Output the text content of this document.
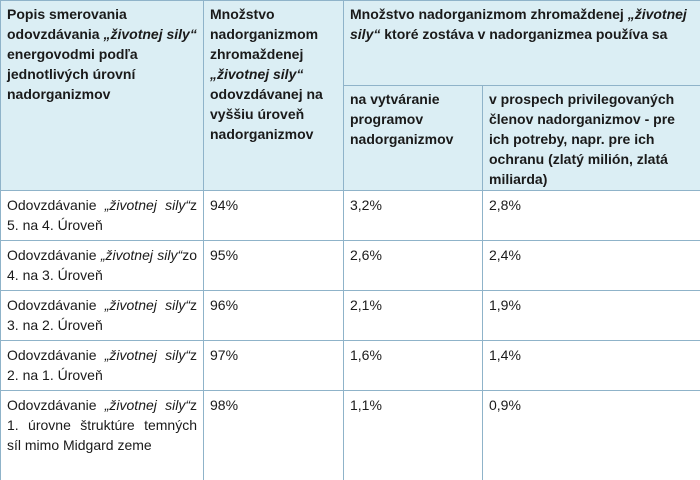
Popis smerovania odovzdávania „životnej sily“ energovodmi podľa jednotlivých úrovní nadorganizmov	Množstvo nadorganizmom zhromaždenej „životnej sily“ odovzdávanej na vyššiu úroveň nadorganizmov	Množstvo nadorganizmom zhromaždenej „životnej sily“ ktoré zostáva v nadorganizmea používa sa	
		na vytváranie programov nadorganizmov	v prospech privilegovaných členov nadorganizmov - pre ich potreby, napr. pre ich ochranu (zlatý milión, zlatá miliarda)
Odovzdávanie „životnej sily“z 5. na 4. Úroveň	94%	3,2%	2,8%
Odovzdávanie „životnej sily“zo 4. na 3. Úroveň	95%	2,6%	2,4%
Odovzdávanie „životnej sily“z 3. na 2. Úroveň	96%	2,1%	1,9%
Odovzdávanie „životnej sily“z 2. na 1. Úroveň	97%	1,6%	1,4%
Odovzdávanie „životnej sily“z 1. úrovne štruktúre temných síl mimo Midgard zeme	98%	1,1%	0,9%
